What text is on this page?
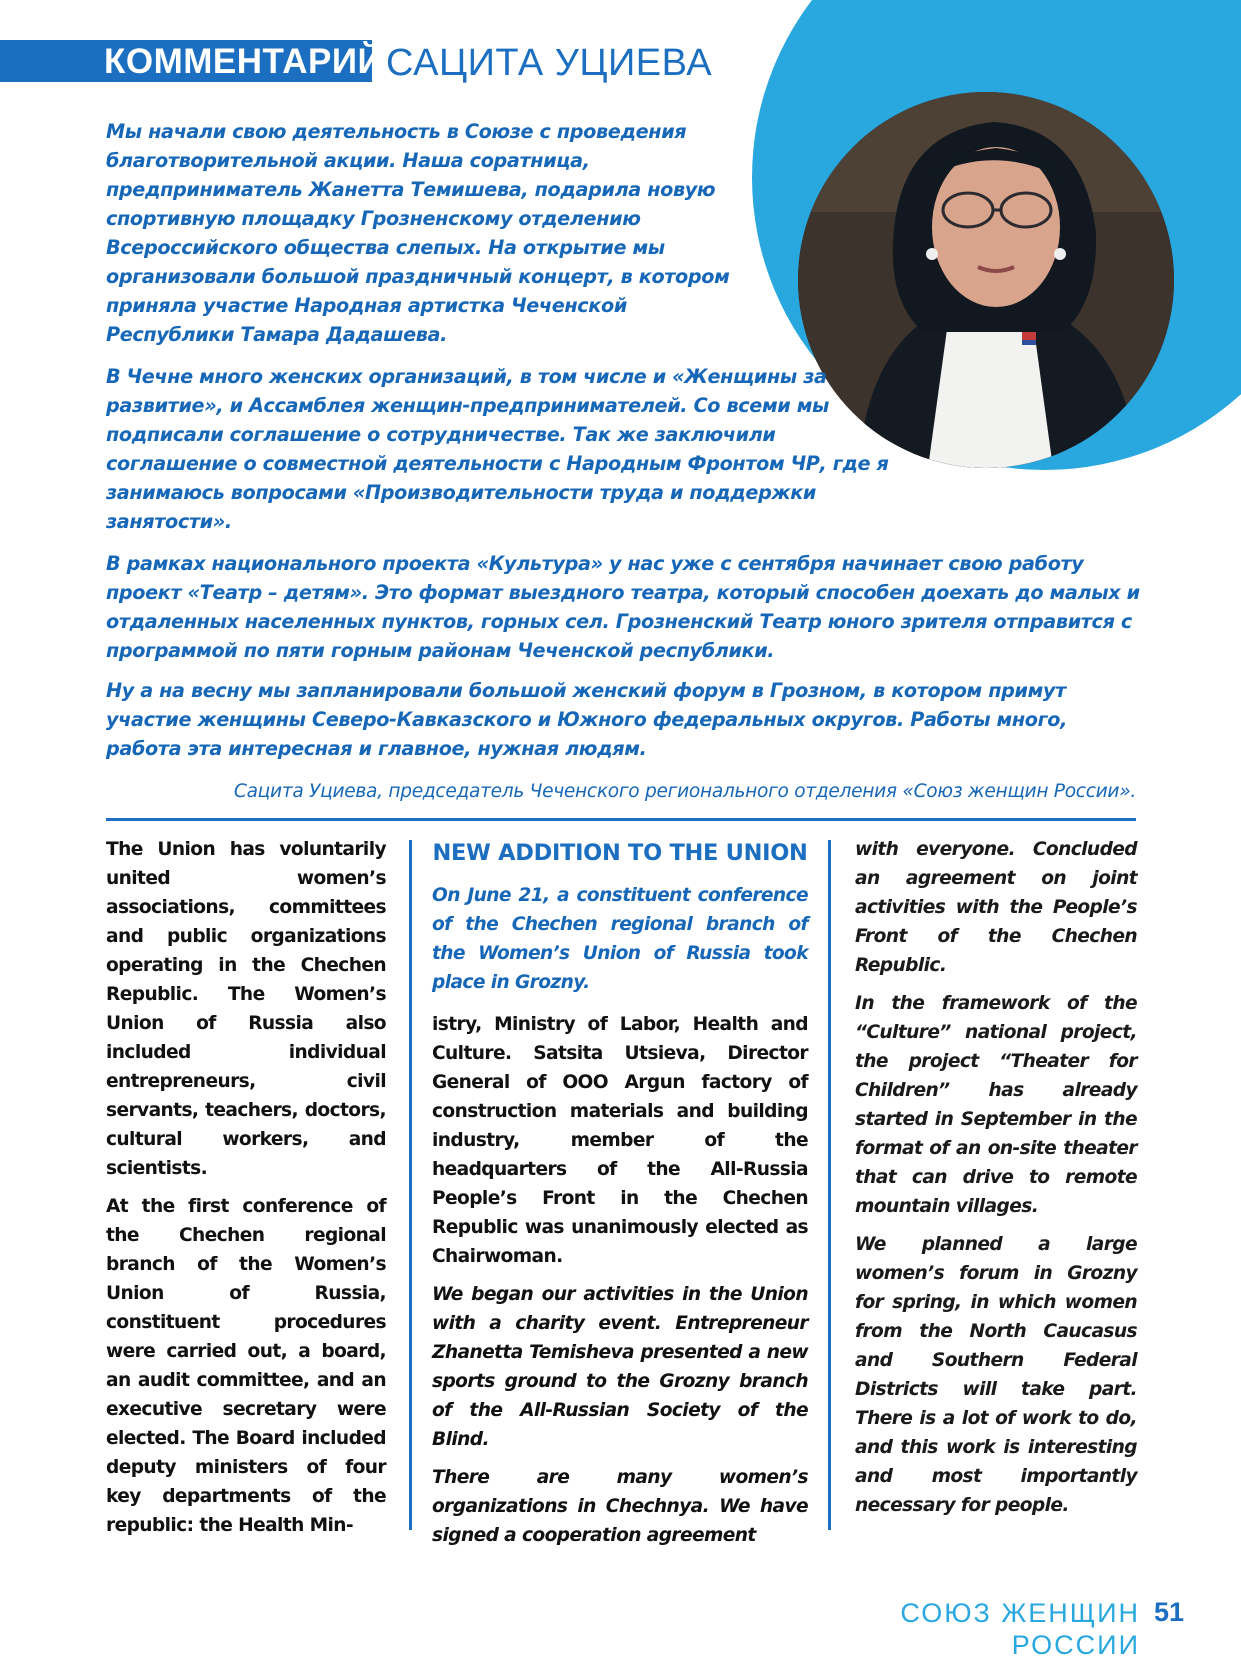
КОММЕНТАРИЙ САЦИТА УЦИЕВА

Мы начали свою деятельность в Союзе с проведения благотворительной акции. Наша соратница, предприниматель Жанетта Темишева, подарила новую спортивную площадку Грозненскому отделению Всероссийского общества слепых. На открытие мы организовали большой праздничный концерт, в котором приняла участие Народная артистка Чеченской Республики Тамара Дадашева.

В Чечне много женских организаций, в том числе и «Женщины за развитие», и Ассамблея женщин-предпринимателей. Со всеми мы подписали соглашение о сотрудничестве. Так же заключили соглашение о совместной деятельности с Народным Фронтом ЧР, где я занимаюсь вопросами «Производительности труда и поддержки занятости».

В рамках национального проекта «Культура» у нас уже с сентября начинает свою работу проект «Театр – детям». Это формат выездного театра, который способен доехать до малых и отдаленных населенных пунктов, горных сел. Грозненский Театр юного зрителя отправится с программой по пяти горным районам Чеченской республики.

Ну а на весну мы запланировали большой женский форум в Грозном, в котором примут участие женщины Северо-Кавказского и Южного федеральных округов. Работы много, работа эта интересная и главное, нужная людям.

Сацита Уциева, председатель Чеченского регионального отделения «Союз женщин России».

The Union has voluntarily united women’s associations, committees and public organizations operating in the Chechen Republic. The Women’s Union of Russia also included individual entrepreneurs, civil servants, teachers, doctors, cultural workers, and scientists.

At the first conference of the Chechen regional branch of the Women’s Union of Russia, constituent procedures were carried out, a board, an audit committee, and an executive secretary were elected. The Board included deputy ministers of four key departments of the republic: the Health Min-

NEW ADDITION TO THE UNION

On June 21, a constituent conference of the Chechen regional branch of the Women’s Union of Russia took place in Grozny.

istry, Ministry of Labor, Health and Culture. Satsita Utsieva, Director General of OOO Argun factory of construction materials and building industry, member of the headquarters of the All-Russia People’s Front in the Chechen Republic was unanimously elected as Chairwoman.

We began our activities in the Union with a charity event. Entrepreneur Zhanetta Temisheva presented a new sports ground to the Grozny branch of the All-Russian Society of the Blind.

There are many women’s organizations in Chechnya. We have signed a cooperation agreement

with everyone. Concluded an agreement on joint activities with the People’s Front of the Chechen Republic.

In the framework of the “Culture” national project, the project “Theater for Children” has already started in September in the format of an on-site theater that can drive to remote mountain villages.

We planned a large women’s forum in Grozny for spring, in which women from the North Caucasus and Southern Federal Districts will take part. There is a lot of work to do, and this work is interesting and most importantly necessary for people.

СОЮЗ ЖЕНЩИН РОССИИ
51
